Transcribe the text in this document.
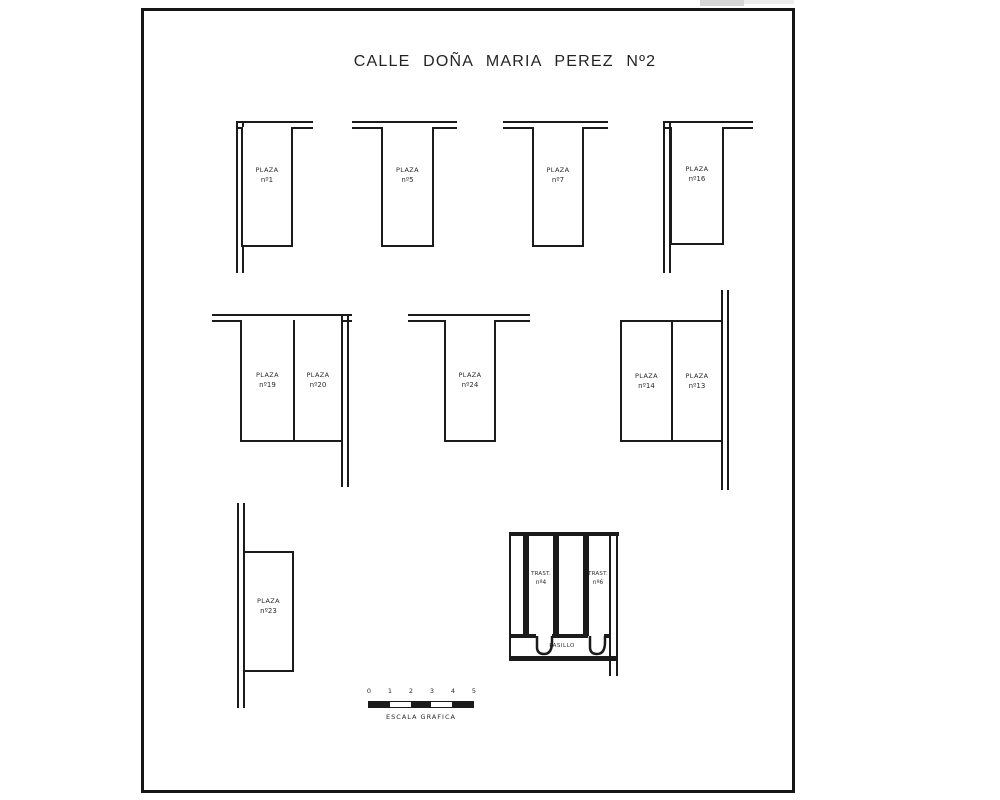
CALLE DOÑA MARIA PEREZ Nº2
PLAZA
nº1
PLAZA
nº5
PLAZA
nº7
PLAZA
nº16
PLAZA
nº19
PLAZA
nº20
PLAZA
nº24
PLAZA
nº14
PLAZA
nº13
PLAZA
nº23
TRAST.
nº4
TRAST.
nº6
PASILLO
0	1	2	3	4	5
ESCALA GRAFICA
